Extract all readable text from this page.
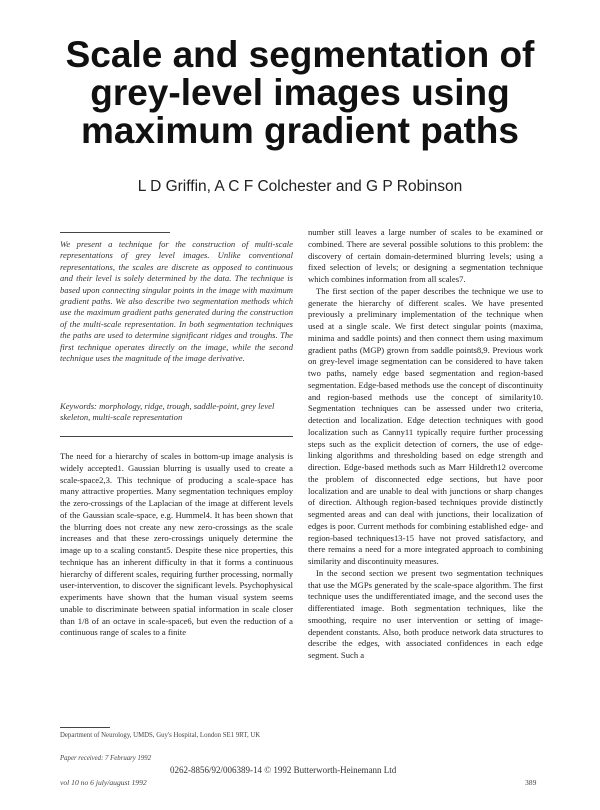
Scale and segmentation of grey-level images using maximum gradient paths
L D Griffin, A C F Colchester and G P Robinson
We present a technique for the construction of multi-scale representations of grey level images. Unlike conventional representations, the scales are discrete as opposed to continuous and their level is solely determined by the data. The technique is based upon connecting singular points in the image with maximum gradient paths. We also describe two segmentation methods which use the maximum gradient paths generated during the construction of the multi-scale representation. In both segmentation techniques the paths are used to determine significant ridges and troughs. The first technique operates directly on the image, while the second technique uses the magnitude of the image derivative.
Keywords: morphology, ridge, trough, saddle-point, grey level skeleton, multi-scale representation

The need for a hierarchy of scales in bottom-up image analysis is widely accepted1. Gaussian blurring is usually used to create a scale-space2,3. This technique of producing a scale-space has many attractive properties. Many segmentation techniques employ the zero-crossings of the Laplacian of the image at different levels of the Gaussian scale-space, e.g. Hummel4. It has been shown that the blurring does not create any new zero-crossings as the scale increases and that these zero-crossings uniquely determine the image up to a scaling constant5. Despite these nice properties, this technique has an inherent difficulty in that it forms a continuous hierarchy of different scales, requiring further processing, normally user-intervention, to discover the significant levels. Psychophysical experiments have shown that the human visual system seems unable to discriminate between spatial information in scale closer than 1/8 of an octave in scale-space6, but even the reduction of a continuous range of scales to a finite

number still leaves a large number of scales to be examined or combined. There are several possible solutions to this problem: the discovery of certain domain-determined blurring levels; using a fixed selection of levels; or designing a segmentation technique which combines information from all scales7.

The first section of the paper describes the technique we use to generate the hierarchy of different scales. We have presented previously a preliminary implementation of the technique when used at a single scale. We first detect singular points (maxima, minima and saddle points) and then connect them using maximum gradient paths (MGP) grown from saddle points8,9. Previous work on grey-level image segmentation can be considered to have taken two paths, namely edge based segmentation and region-based segmentation. Edge-based methods use the concept of discontinuity and region-based methods use the concept of similarity10. Segmentation techniques can be assessed under two criteria, detection and localization. Edge detection techniques with good localization such as Canny11 typically require further processing steps such as the explicit detection of corners, the use of edge-linking algorithms and thresholding based on edge strength and direction. Edge-based methods such as Marr Hildreth12 overcome the problem of disconnected edge sections, but have poor localization and are unable to deal with junctions or sharp changes of direction. Although region-based techniques provide distinctly segmented areas and can deal with junctions, their localization of edges is poor. Current methods for combining established edge- and region-based techniques13-15 have not proved satisfactory, and there remains a need for a more integrated approach to combining similarity and discontinuity measures.

In the second section we present two segmentation techniques that use the MGPs generated by the scale-space algorithm. The first technique uses the undifferentiated image, and the second uses the differentiated image. Both segmentation techniques, like the smoothing, require no user intervention or setting of image-dependent constants. Also, both produce network data structures to describe the edges, with associated confidences in each edge segment. Such a

Department of Neurology, UMDS, Guy's Hospital, London SE1 9RT, UK
Paper received: 7 February 1992
0262-8856/92/006389-14 © 1992 Butterworth-Heinemann Ltd
vol 10 no 6 july/august 1992	389
